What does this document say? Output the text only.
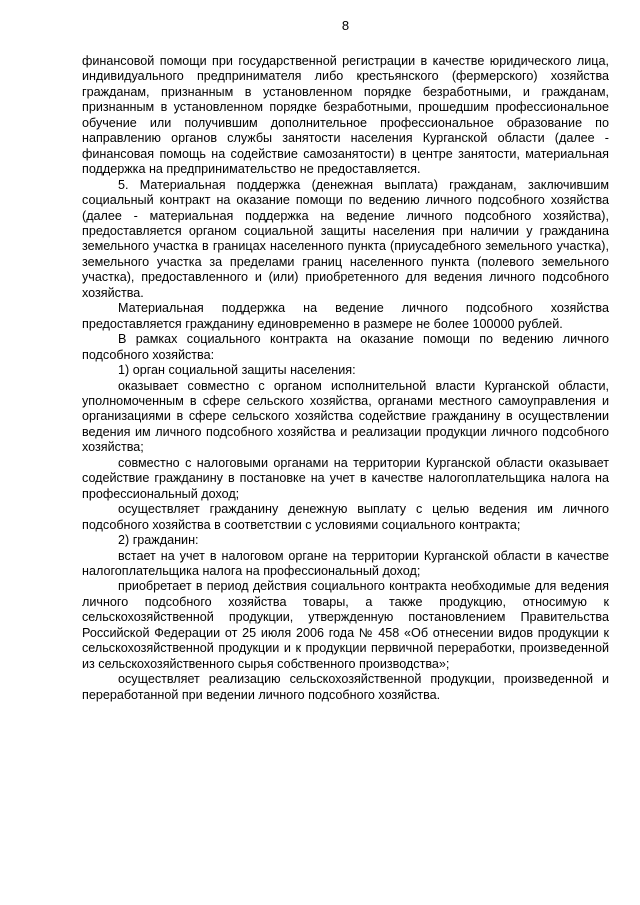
8

финансовой помощи при государственной регистрации в качестве юридического лица, индивидуального предпринимателя либо крестьянского (фермерского) хозяйства гражданам, признанным в установленном порядке безработными, и гражданам, признанным в установленном порядке безработными, прошедшим профессиональное обучение или получившим дополнительное профессиональное образование по направлению органов службы занятости населения Курганской области (далее - финансовая помощь на содействие самозанятости) в центре занятости, материальная поддержка на предпринимательство не предоставляется.

5. Материальная поддержка (денежная выплата) гражданам, заключившим социальный контракт на оказание помощи по ведению личного подсобного хозяйства (далее - материальная поддержка на ведение личного подсобного хозяйства), предоставляется органом социальной защиты населения при наличии у гражданина земельного участка в границах населенного пункта (приусадебного земельного участка), земельного участка за пределами границ населенного пункта (полевого земельного участка), предоставленного и (или) приобретенного для ведения личного подсобного хозяйства.

Материальная поддержка на ведение личного подсобного хозяйства предоставляется гражданину единовременно в размере не более 100000 рублей.

В рамках социального контракта на оказание помощи по ведению личного подсобного хозяйства:

1) орган социальной защиты населения:

оказывает совместно с органом исполнительной власти Курганской области, уполномоченным в сфере сельского хозяйства, органами местного самоуправления и организациями в сфере сельского хозяйства содействие гражданину в осуществлении ведения им личного подсобного хозяйства и реализации продукции личного подсобного хозяйства;

совместно с налоговыми органами на территории Курганской области оказывает содействие гражданину в постановке на учет в качестве налогоплательщика налога на профессиональный доход;

осуществляет гражданину денежную выплату с целью ведения им личного подсобного хозяйства в соответствии с условиями социального контракта;

2) гражданин:

встает на учет в налоговом органе на территории Курганской области в качестве налогоплательщика налога на профессиональный доход;

приобретает в период действия социального контракта необходимые для ведения личного подсобного хозяйства товары, а также продукцию, относимую к сельскохозяйственной продукции, утвержденную постановлением Правительства Российской Федерации от 25 июля 2006 года № 458 «Об отнесении видов продукции к сельскохозяйственной продукции и к продукции первичной переработки, произведенной из сельскохозяйственного сырья собственного производства»;

осуществляет реализацию сельскохозяйственной продукции, произведенной и переработанной при ведении личного подсобного хозяйства.
